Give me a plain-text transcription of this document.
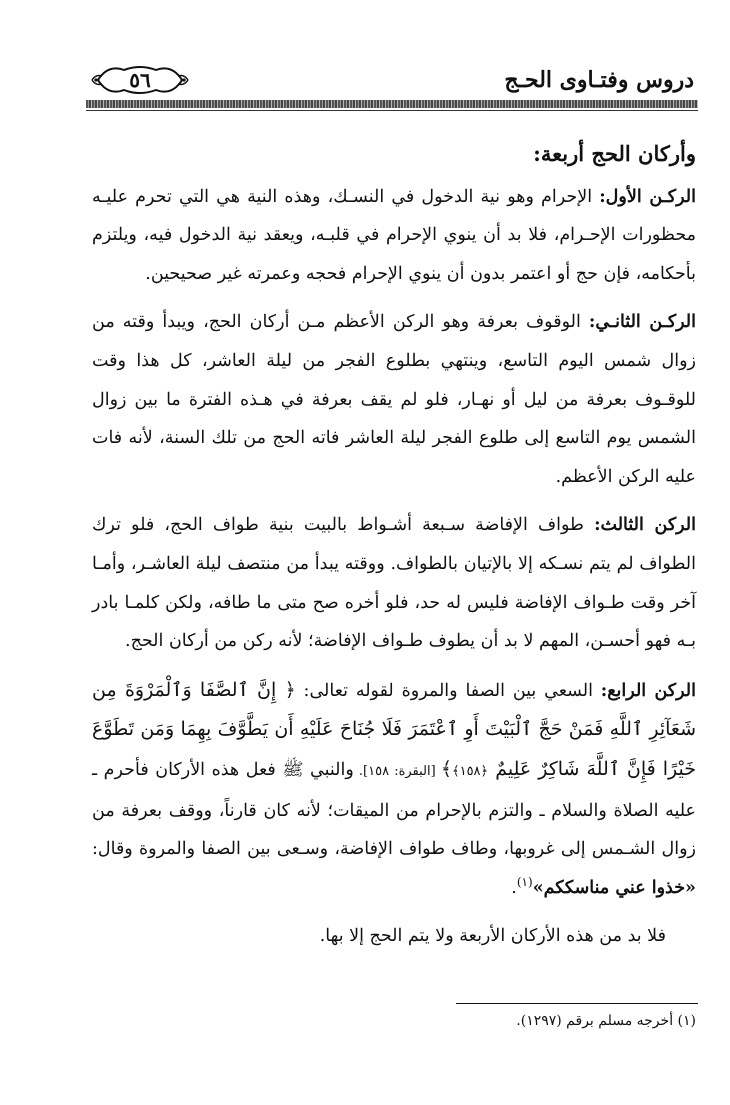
٥٦	دروس وفتـاوى الحـج
وأركان الحج أربعة:

الركـن الأول: الإحرام وهو نية الدخول في النسـك، وهذه النية هي التي تحرم عليـه محظورات الإحـرام، فلا بد أن ينوي الإحرام في قلبـه، ويعقد نية الدخول فيه، ويلتزم بأحكامه، فإن حج أو اعتمر بدون أن ينوي الإحرام فحجه وعمرته غير صحيحين.

الركـن الثانـي: الوقوف بعرفة وهو الركن الأعظم مـن أركان الحج، ويبدأ وقته من زوال شمس اليوم التاسع، وينتهي بطلوع الفجر من ليلة العاشر، كل هذا وقت للوقـوف بعرفة من ليل أو نهـار، فلو لم يقف بعرفة في هـذه الفترة ما بين زوال الشمس يوم التاسع إلى طلوع الفجر ليلة العاشر فاته الحج من تلك السنة، لأنه فات عليه الركن الأعظم.

الركن الثالث: طواف الإفاضة سـبعة أشـواط بالبيت بنية طواف الحج، فلو ترك الطواف لم يتم نسـكه إلا بالإتيان بالطواف. ووقته يبدأ من منتصف ليلة العاشـر، وأمـا آخر وقت طـواف الإفاضة فليس له حد، فلو أخره صح متى ما طافه، ولكن كلمـا بادر بـه فهو أحسـن، المهم لا بد أن يطوف طـواف الإفاضة؛ لأنه ركن من أركان الحج.

الركن الرابع: السعي بين الصفا والمروة لقوله تعالى: ﴿ إِنَّ ٱلصَّفَا وَٱلْمَرْوَةَ مِن شَعَآئِرِ ٱللَّهِ فَمَنْ حَجَّ ٱلْبَيْتَ أَوِ ٱعْتَمَرَ فَلَا جُنَاحَ عَلَيْهِ أَن يَطَّوَّفَ بِهِمَا وَمَن تَطَوَّعَ خَيْرًا فَإِنَّ ٱللَّهَ شَاكِرٌ عَلِيمٌ ﴿١٥٨﴾﴾ [البقرة: ١٥٨]. والنبي ﷺ فعل هذه الأركان فأحرم ـ عليه الصلاة والسلام ـ والتزم بالإحرام من الميقات؛ لأنه كان قارناً، ووقف بعرفة من زوال الشـمس إلى غروبها، وطاف طواف الإفاضة، وسـعى بين الصفا والمروة وقال: «خذوا عني مناسككم»$^{(١)}$.

فلا بد من هذه الأركان الأربعة ولا يتم الحج إلا بها.

(١) أخرجه مسلم برقم (١٢٩٧).
